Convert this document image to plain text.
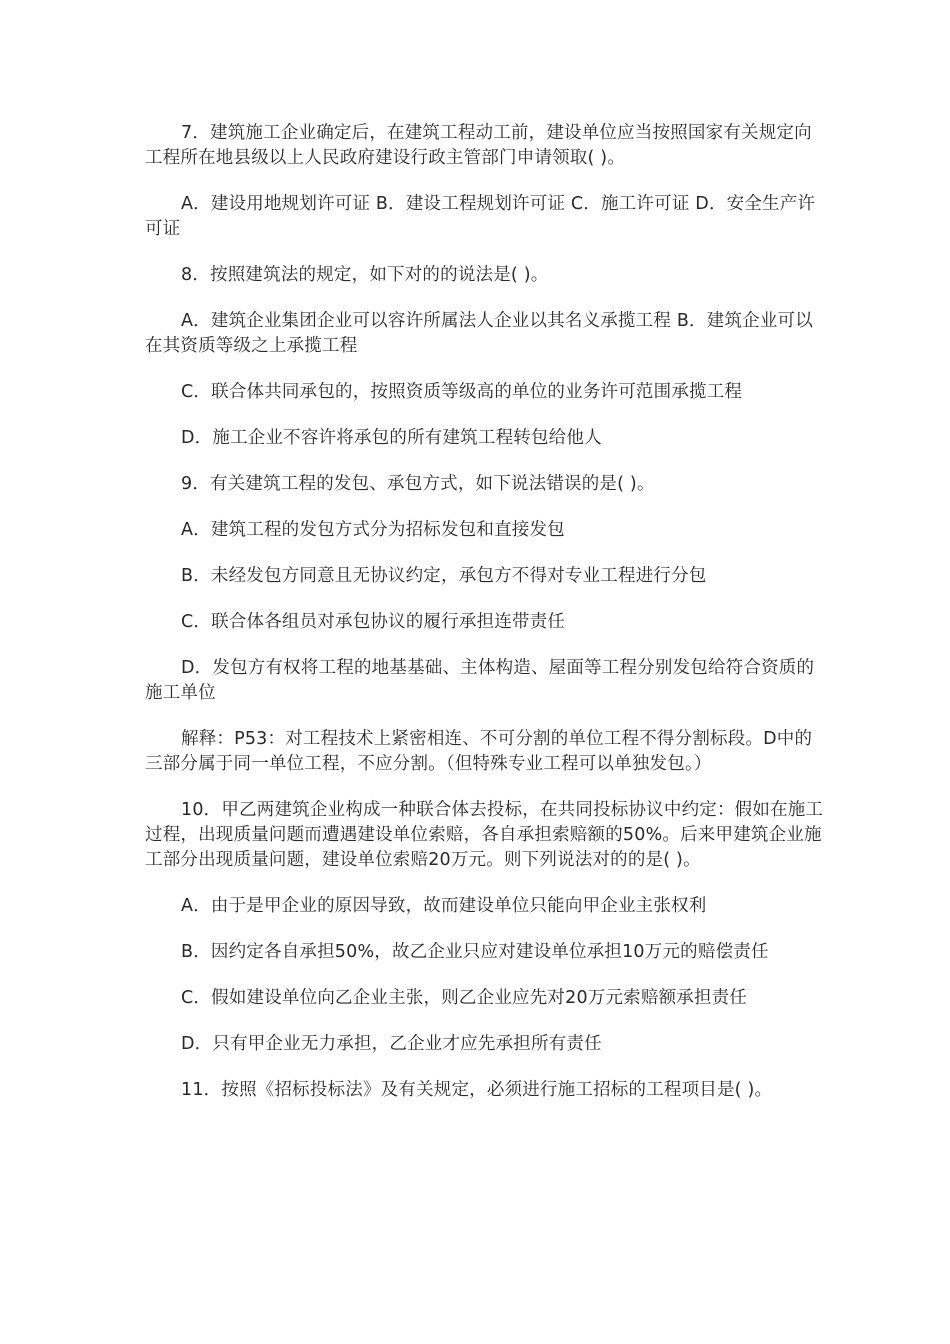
7．建筑施工企业确定后，在建筑工程动工前，建设单位应当按照国家有关规定向工程所在地县级以上人民政府建设行政主管部门申请领取( )。

A．建设用地规划许可证 B．建设工程规划许可证 C．施工许可证 D．安全生产许可证

8．按照建筑法的规定，如下对的的说法是( )。

A．建筑企业集团企业可以容许所属法人企业以其名义承揽工程 B．建筑企业可以在其资质等级之上承揽工程

C．联合体共同承包的，按照资质等级高的单位的业务许可范围承揽工程

D．施工企业不容许将承包的所有建筑工程转包给他人

9．有关建筑工程的发包、承包方式，如下说法错误的是( )。

A．建筑工程的发包方式分为招标发包和直接发包

B．未经发包方同意且无协议约定，承包方不得对专业工程进行分包

C．联合体各组员对承包协议的履行承担连带责任

D．发包方有权将工程的地基基础、主体构造、屋面等工程分别发包给符合资质的施工单位

解释：P53：对工程技术上紧密相连、不可分割的单位工程不得分割标段。D中的三部分属于同一单位工程，不应分割。（但特殊专业工程可以单独发包。）

10．甲乙两建筑企业构成一种联合体去投标，在共同投标协议中约定：假如在施工过程，出现质量问题而遭遇建设单位索赔，各自承担索赔额的50%。后来甲建筑企业施工部分出现质量问题，建设单位索赔20万元。则下列说法对的的是( )。

A．由于是甲企业的原因导致，故而建设单位只能向甲企业主张权利

B．因约定各自承担50%，故乙企业只应对建设单位承担10万元的赔偿责任

C．假如建设单位向乙企业主张，则乙企业应先对20万元索赔额承担责任

D．只有甲企业无力承担，乙企业才应先承担所有责任

11．按照《招标投标法》及有关规定，必须进行施工招标的工程项目是( )。
